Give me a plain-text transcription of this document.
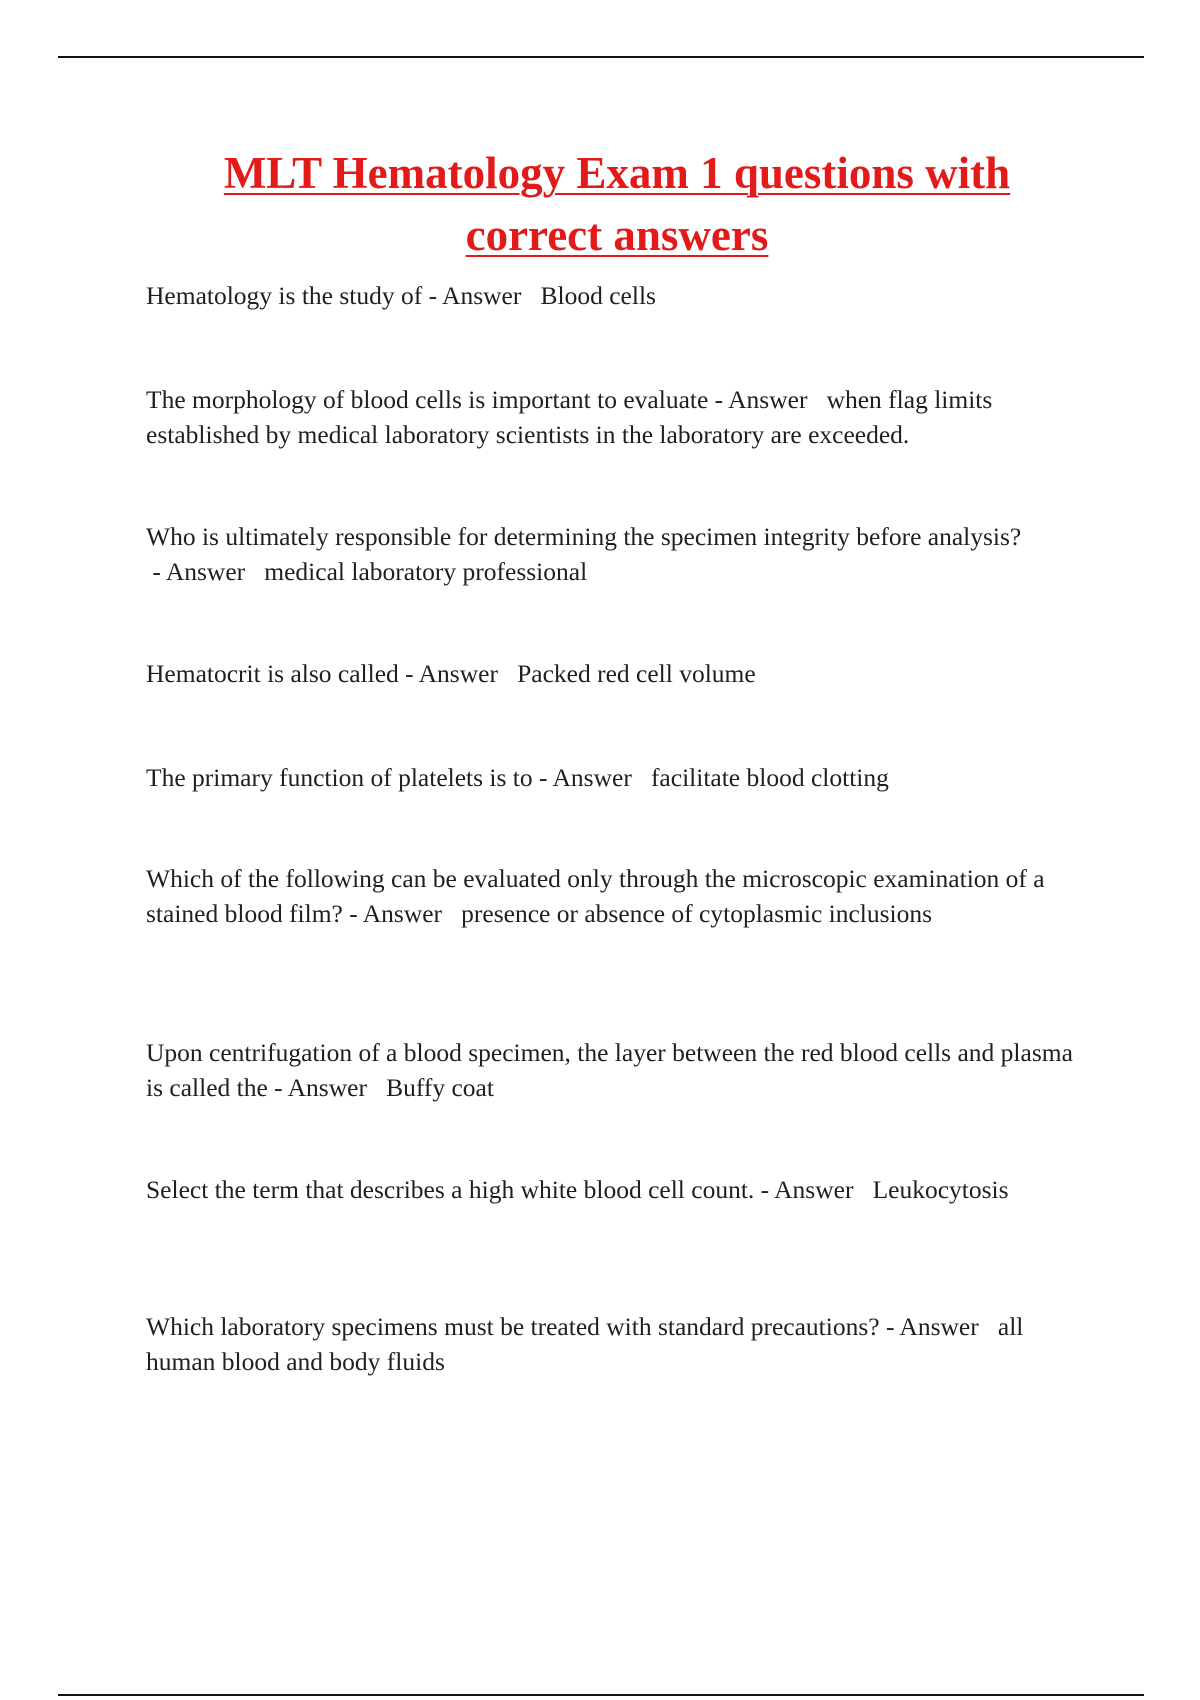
MLT Hematology Exam 1 questions with correct answers

Hematology is the study of - Answer   Blood cells

The morphology of blood cells is important to evaluate - Answer   when flag limits established by medical laboratory scientists in the laboratory are exceeded.

Who is ultimately responsible for determining the specimen integrity before analysis? - Answer   medical laboratory professional

Hematocrit is also called - Answer   Packed red cell volume

The primary function of platelets is to - Answer   facilitate blood clotting

Which of the following can be evaluated only through the microscopic examination of a stained blood film? - Answer   presence or absence of cytoplasmic inclusions

Upon centrifugation of a blood specimen, the layer between the red blood cells and plasma is called the - Answer   Buffy coat

Select the term that describes a high white blood cell count. - Answer   Leukocytosis

Which laboratory specimens must be treated with standard precautions? - Answer   all human blood and body fluids
